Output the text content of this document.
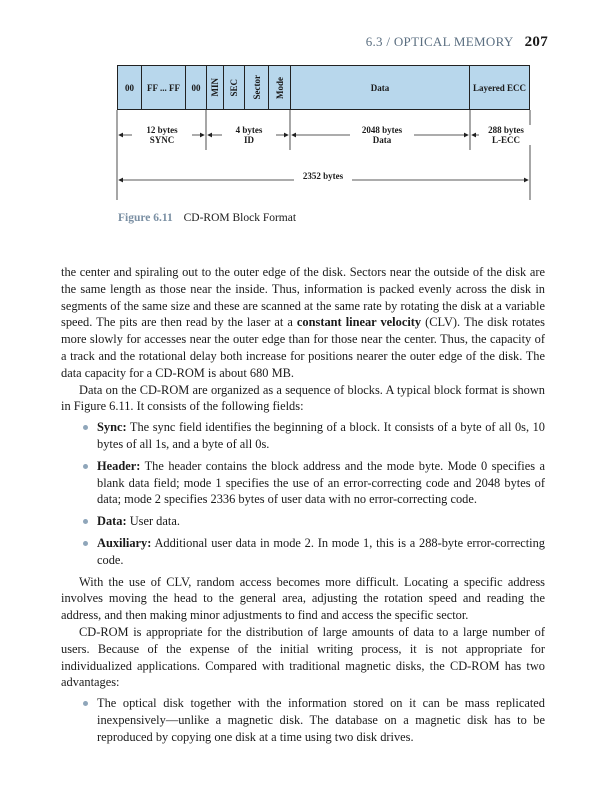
6.3 / OPTICAL MEMORY 207
00 FF ... FF 00 MIN SEC Sector Mode	Data	Layered ECC
12 bytes
SYNC
4 bytes
ID
2048 bytes
Data
288 bytes
L-ECC
2352 bytes
Figure 6.11 CD-ROM Block Format

the center and spiraling out to the outer edge of the disk. Sectors near the outside of the disk are the same length as those near the inside. Thus, information is packed evenly across the disk in segments of the same size and these are scanned at the same rate by rotating the disk at a variable speed. The pits are then read by the laser at a constant linear velocity (CLV). The disk rotates more slowly for accesses near the outer edge than for those near the center. Thus, the capacity of a track and the rotational delay both increase for positions nearer the outer edge of the disk. The data capacity for a CD-ROM is about 680 MB.

Data on the CD-ROM are organized as a sequence of blocks. A typical block format is shown in Figure 6.11. It consists of the following fields:

Sync: The sync field identifies the beginning of a block. It consists of a byte of all 0s, 10 bytes of all 1s, and a byte of all 0s.
Header: The header contains the block address and the mode byte. Mode 0 specifies a blank data field; mode 1 specifies the use of an error-correcting code and 2048 bytes of data; mode 2 specifies 2336 bytes of user data with no error-correcting code.
Data: User data.
Auxiliary: Additional user data in mode 2. In mode 1, this is a 288-byte error-correcting code.

With the use of CLV, random access becomes more difficult. Locating a specific address involves moving the head to the general area, adjusting the rotation speed and reading the address, and then making minor adjustments to find and access the specific sector.

CD-ROM is appropriate for the distribution of large amounts of data to a large number of users. Because of the expense of the initial writing process, it is not appropriate for individualized applications. Compared with traditional magnetic disks, the CD-ROM has two advantages:

The optical disk together with the information stored on it can be mass replicated inexpensively—unlike a magnetic disk. The database on a magnetic disk has to be reproduced by copying one disk at a time using two disk drives.
